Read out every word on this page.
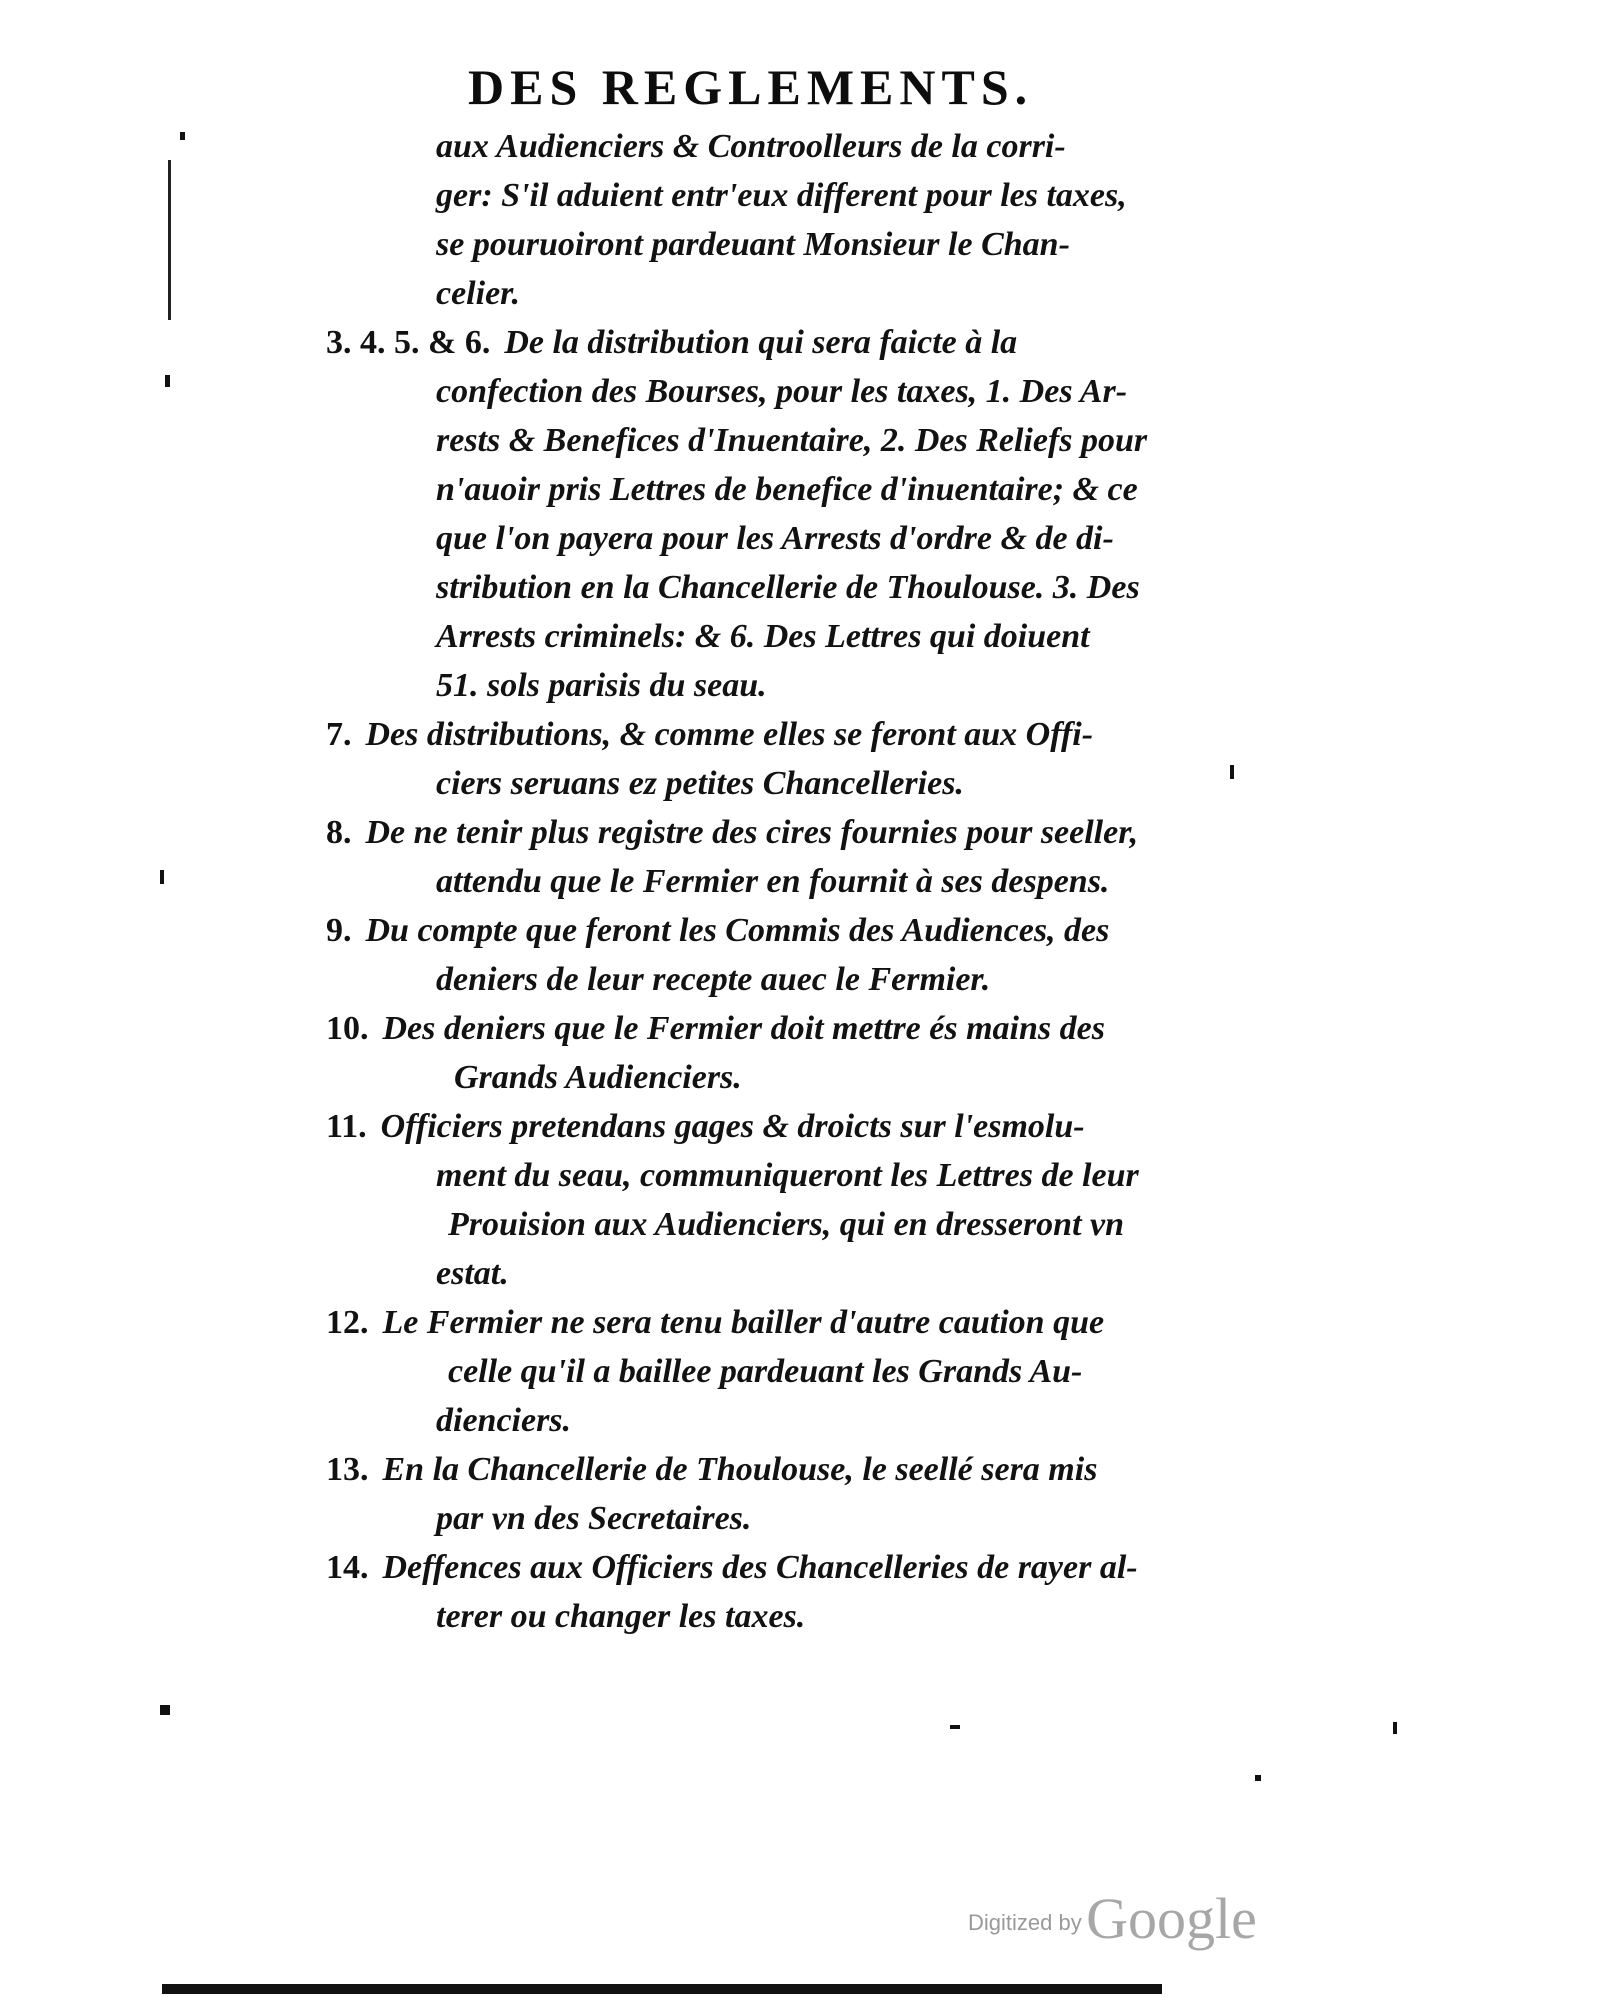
DES REGLEMENTS.
aux Audienciers & Controolleurs de la corri-
ger: S'il aduient entr'eux different pour les taxes,
se pouruoiront pardeuant Monsieur le Chan-
celier.
3. 4. 5. & 6. De la distribution qui sera faicte à la
confection des Bourses, pour les taxes, 1. Des Ar-
rests & Benefices d'Inuentaire, 2. Des Reliefs pour
n'auoir pris Lettres de benefice d'inuentaire; & ce
que l'on payera pour les Arrests d'ordre & de di-
stribution en la Chancellerie de Thoulouse. 3. Des
Arrests criminels: & 6. Des Lettres qui doiuent
51. sols parisis du seau.
7. Des distributions, & comme elles se feront aux Offi-
ciers seruans ez petites Chancelleries.
8. De ne tenir plus registre des cires fournies pour seeller,
attendu que le Fermier en fournit à ses despens.
9. Du compte que feront les Commis des Audiences, des
deniers de leur recepte auec le Fermier.
10. Des deniers que le Fermier doit mettre és mains des
Grands Audienciers.
11. Officiers pretendans gages & droicts sur l'esmolu-
ment du seau, communiqueront les Lettres de leur
Prouision aux Audienciers, qui en dresseront vn
estat.
12. Le Fermier ne sera tenu bailler d'autre caution que
celle qu'il a baillee pardeuant les Grands Au-
dienciers.
13. En la Chancellerie de Thoulouse, le seellé sera mis
par vn des Secretaires.
14. Deffences aux Officiers des Chancelleries de rayer al-
terer ou changer les taxes.
Digitized by Google
